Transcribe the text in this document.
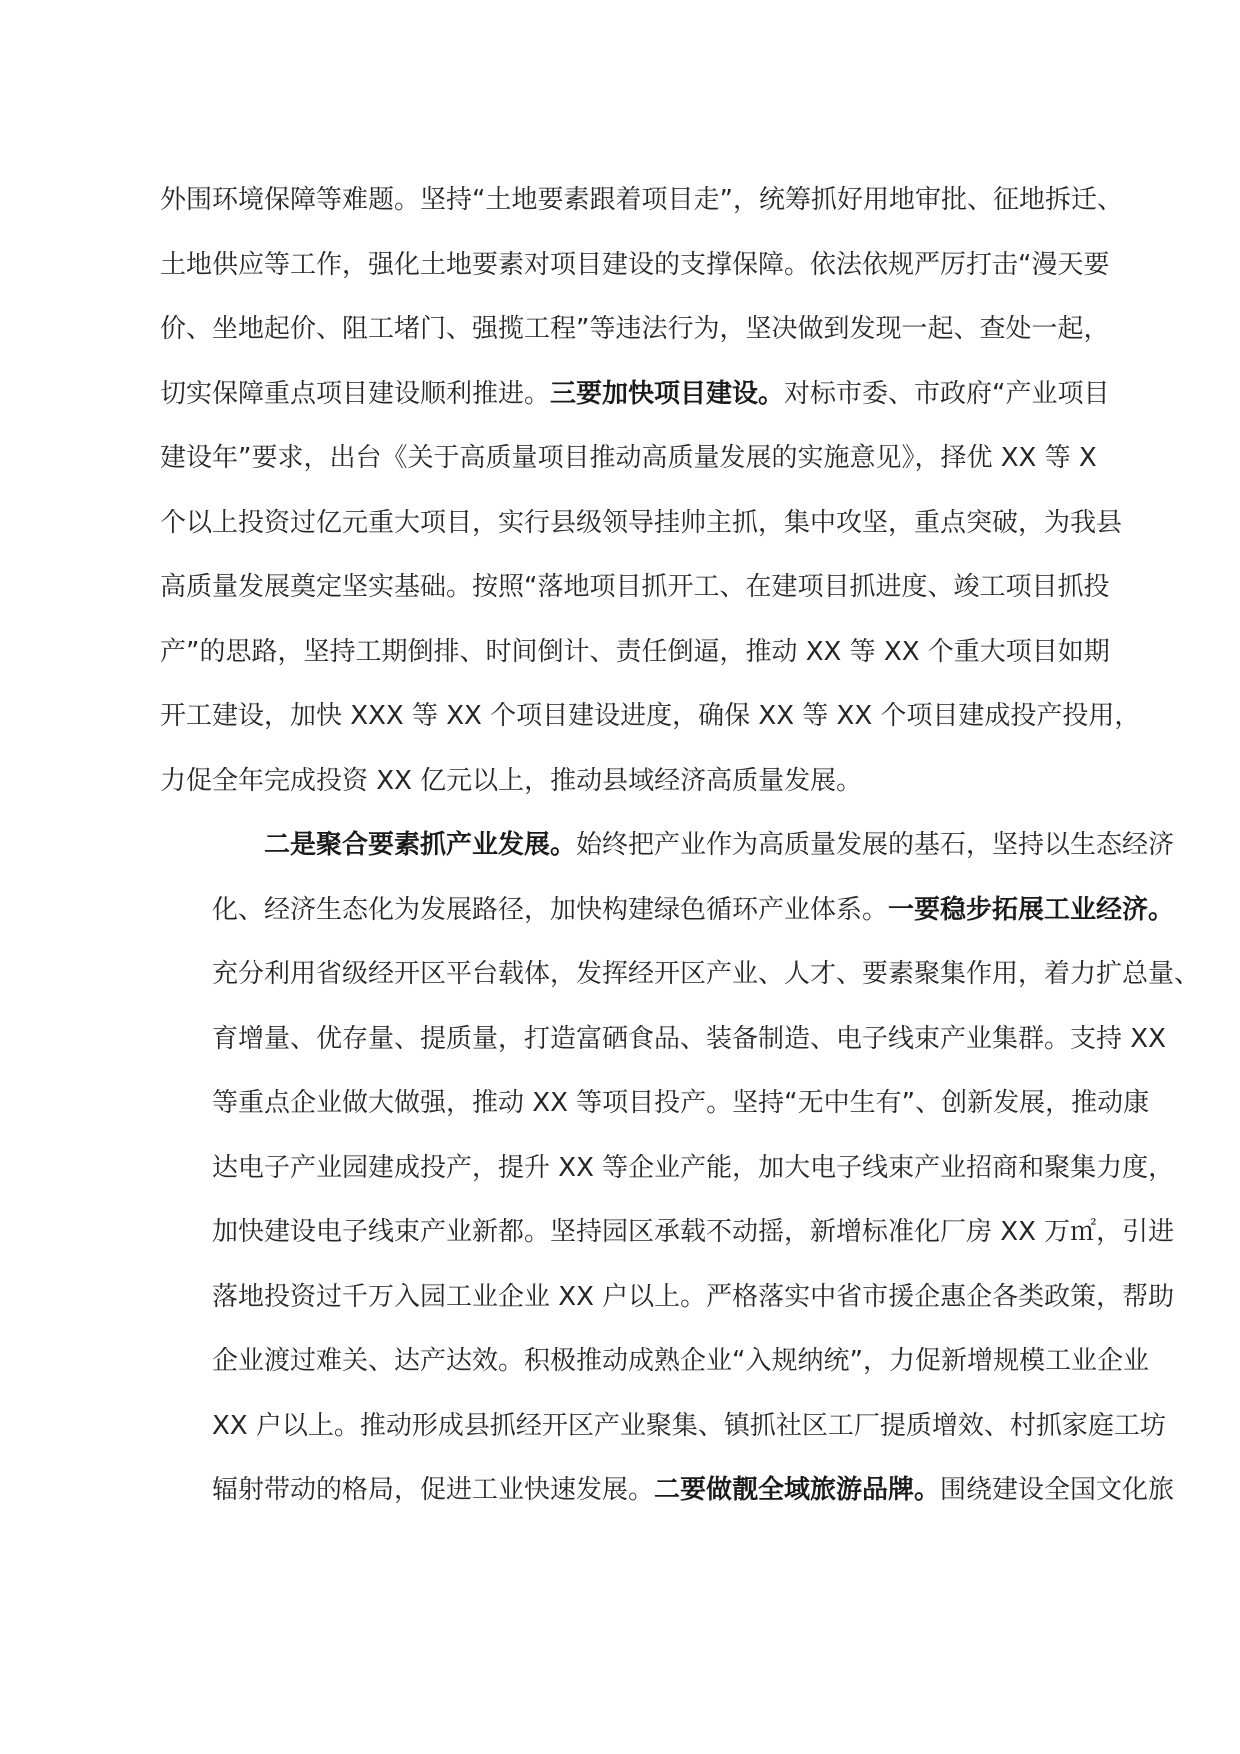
外围环境保障等难题。坚持“土地要素跟着项目走”，统筹抓好用地审批、征地拆迁、
土地供应等工作，强化土地要素对项目建设的支撑保障。依法依规严厉打击“漫天要
价、坐地起价、阻工堵门、强揽工程”等违法行为，坚决做到发现一起、查处一起，
切实保障重点项目建设顺利推进。三要加快项目建设。对标市委、市政府“产业项目
建设年”要求，出台《关于高质量项目推动高质量发展的实施意见》，择优 XX 等 X
个以上投资过亿元重大项目，实行县级领导挂帅主抓，集中攻坚，重点突破，为我县
高质量发展奠定坚实基础。按照“落地项目抓开工、在建项目抓进度、竣工项目抓投
产”的思路，坚持工期倒排、时间倒计、责任倒逼，推动 XX 等 XX 个重大项目如期
开工建设，加快 XXX 等 XX 个项目建设进度，确保 XX 等 XX 个项目建成投产投用，
力促全年完成投资 XX 亿元以上，推动县域经济高质量发展。
二是聚合要素抓产业发展。始终把产业作为高质量发展的基石，坚持以生态经济
化、经济生态化为发展路径，加快构建绿色循环产业体系。一要稳步拓展工业经济。
充分利用省级经开区平台载体，发挥经开区产业、人才、要素聚集作用，着力扩总量、
育增量、优存量、提质量，打造富硒食品、装备制造、电子线束产业集群。支持 XX
等重点企业做大做强，推动 XX 等项目投产。坚持“无中生有”、创新发展，推动康
达电子产业园建成投产，提升 XX 等企业产能，加大电子线束产业招商和聚集力度，
加快建设电子线束产业新都。坚持园区承载不动摇，新增标准化厂房 XX 万㎡，引进
落地投资过千万入园工业企业 XX 户以上。严格落实中省市援企惠企各类政策，帮助
企业渡过难关、达产达效。积极推动成熟企业“入规纳统”，力促新增规模工业企业
XX 户以上。推动形成县抓经开区产业聚集、镇抓社区工厂提质增效、村抓家庭工坊
辐射带动的格局，促进工业快速发展。二要做靓全域旅游品牌。围绕建设全国文化旅
